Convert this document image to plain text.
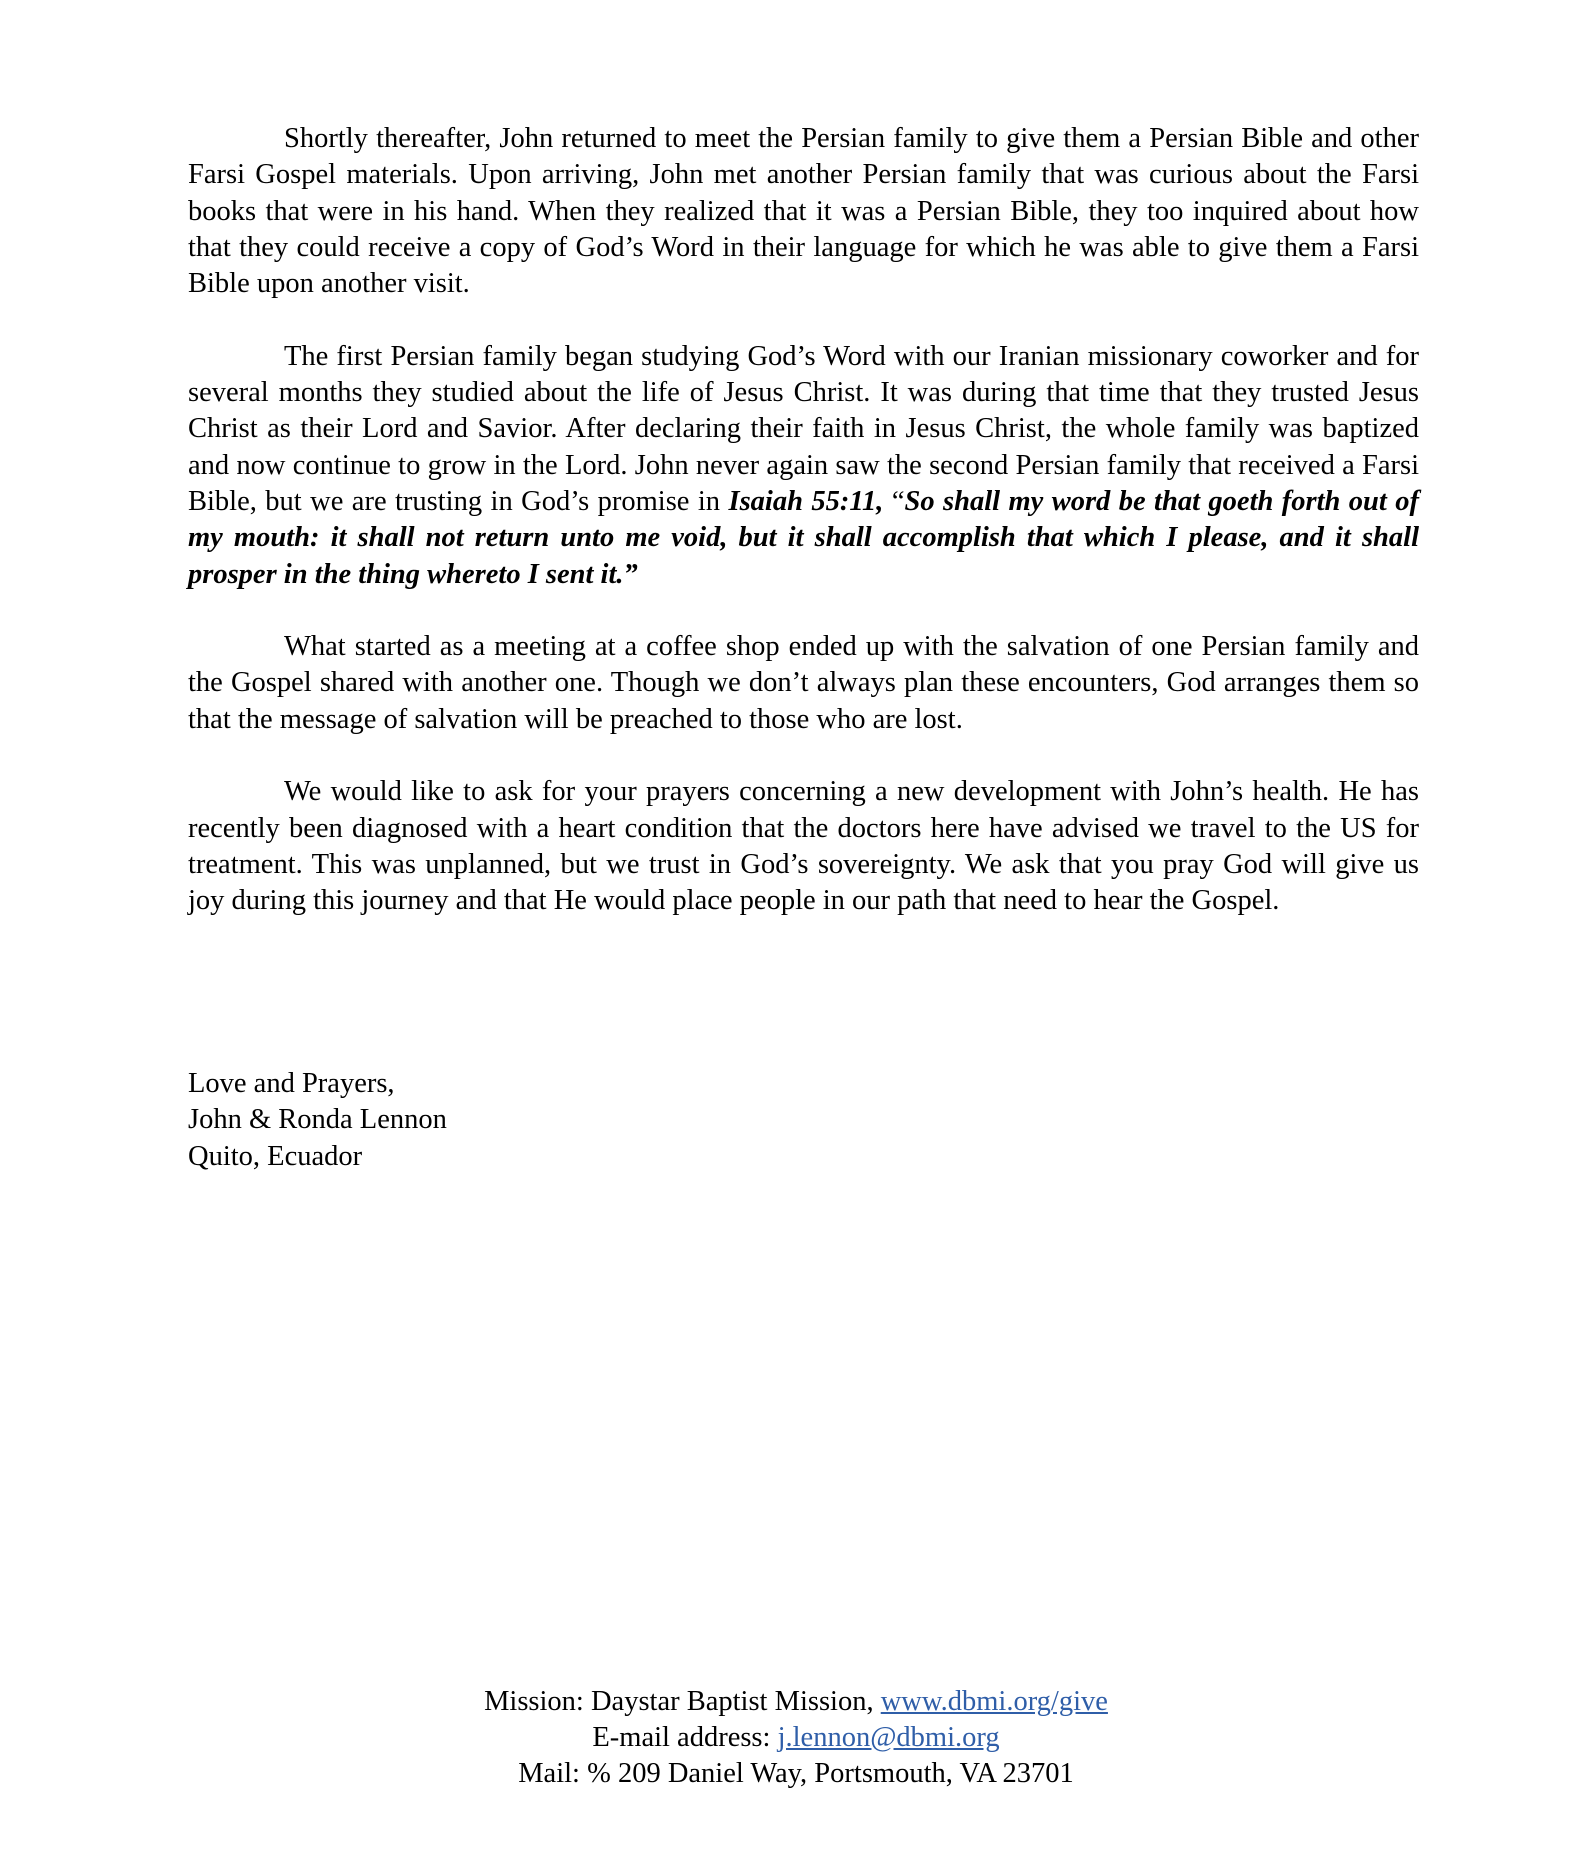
Shortly thereafter, John returned to meet the Persian family to give them a Persian Bible and other Farsi Gospel materials. Upon arriving, John met another Persian family that was curious about the Farsi books that were in his hand. When they realized that it was a Persian Bible, they too inquired about how that they could receive a copy of God’s Word in their language for which he was able to give them a Farsi Bible upon another visit.

The first Persian family began studying God’s Word with our Iranian missionary coworker and for several months they studied about the life of Jesus Christ. It was during that time that they trusted Jesus Christ as their Lord and Savior. After declaring their faith in Jesus Christ, the whole family was baptized and now continue to grow in the Lord. John never again saw the second Persian family that received a Farsi Bible, but we are trusting in God’s promise in Isaiah 55:11, “So shall my word be that goeth forth out of my mouth: it shall not return unto me void, but it shall accomplish that which I please, and it shall prosper in the thing whereto I sent it.”

What started as a meeting at a coffee shop ended up with the salvation of one Persian family and the Gospel shared with another one. Though we don’t always plan these encounters, God arranges them so that the message of salvation will be preached to those who are lost.

We would like to ask for your prayers concerning a new development with John’s health. He has recently been diagnosed with a heart condition that the doctors here have advised we travel to the US for treatment. This was unplanned, but we trust in God’s sovereignty. We ask that you pray God will give us joy during this journey and that He would place people in our path that need to hear the Gospel.

Love and Prayers,
John & Ronda Lennon
Quito, Ecuador
Mission: Daystar Baptist Mission, www.dbmi.org/give
E-mail address: j.lennon@dbmi.org
Mail: % 209 Daniel Way, Portsmouth, VA 23701
